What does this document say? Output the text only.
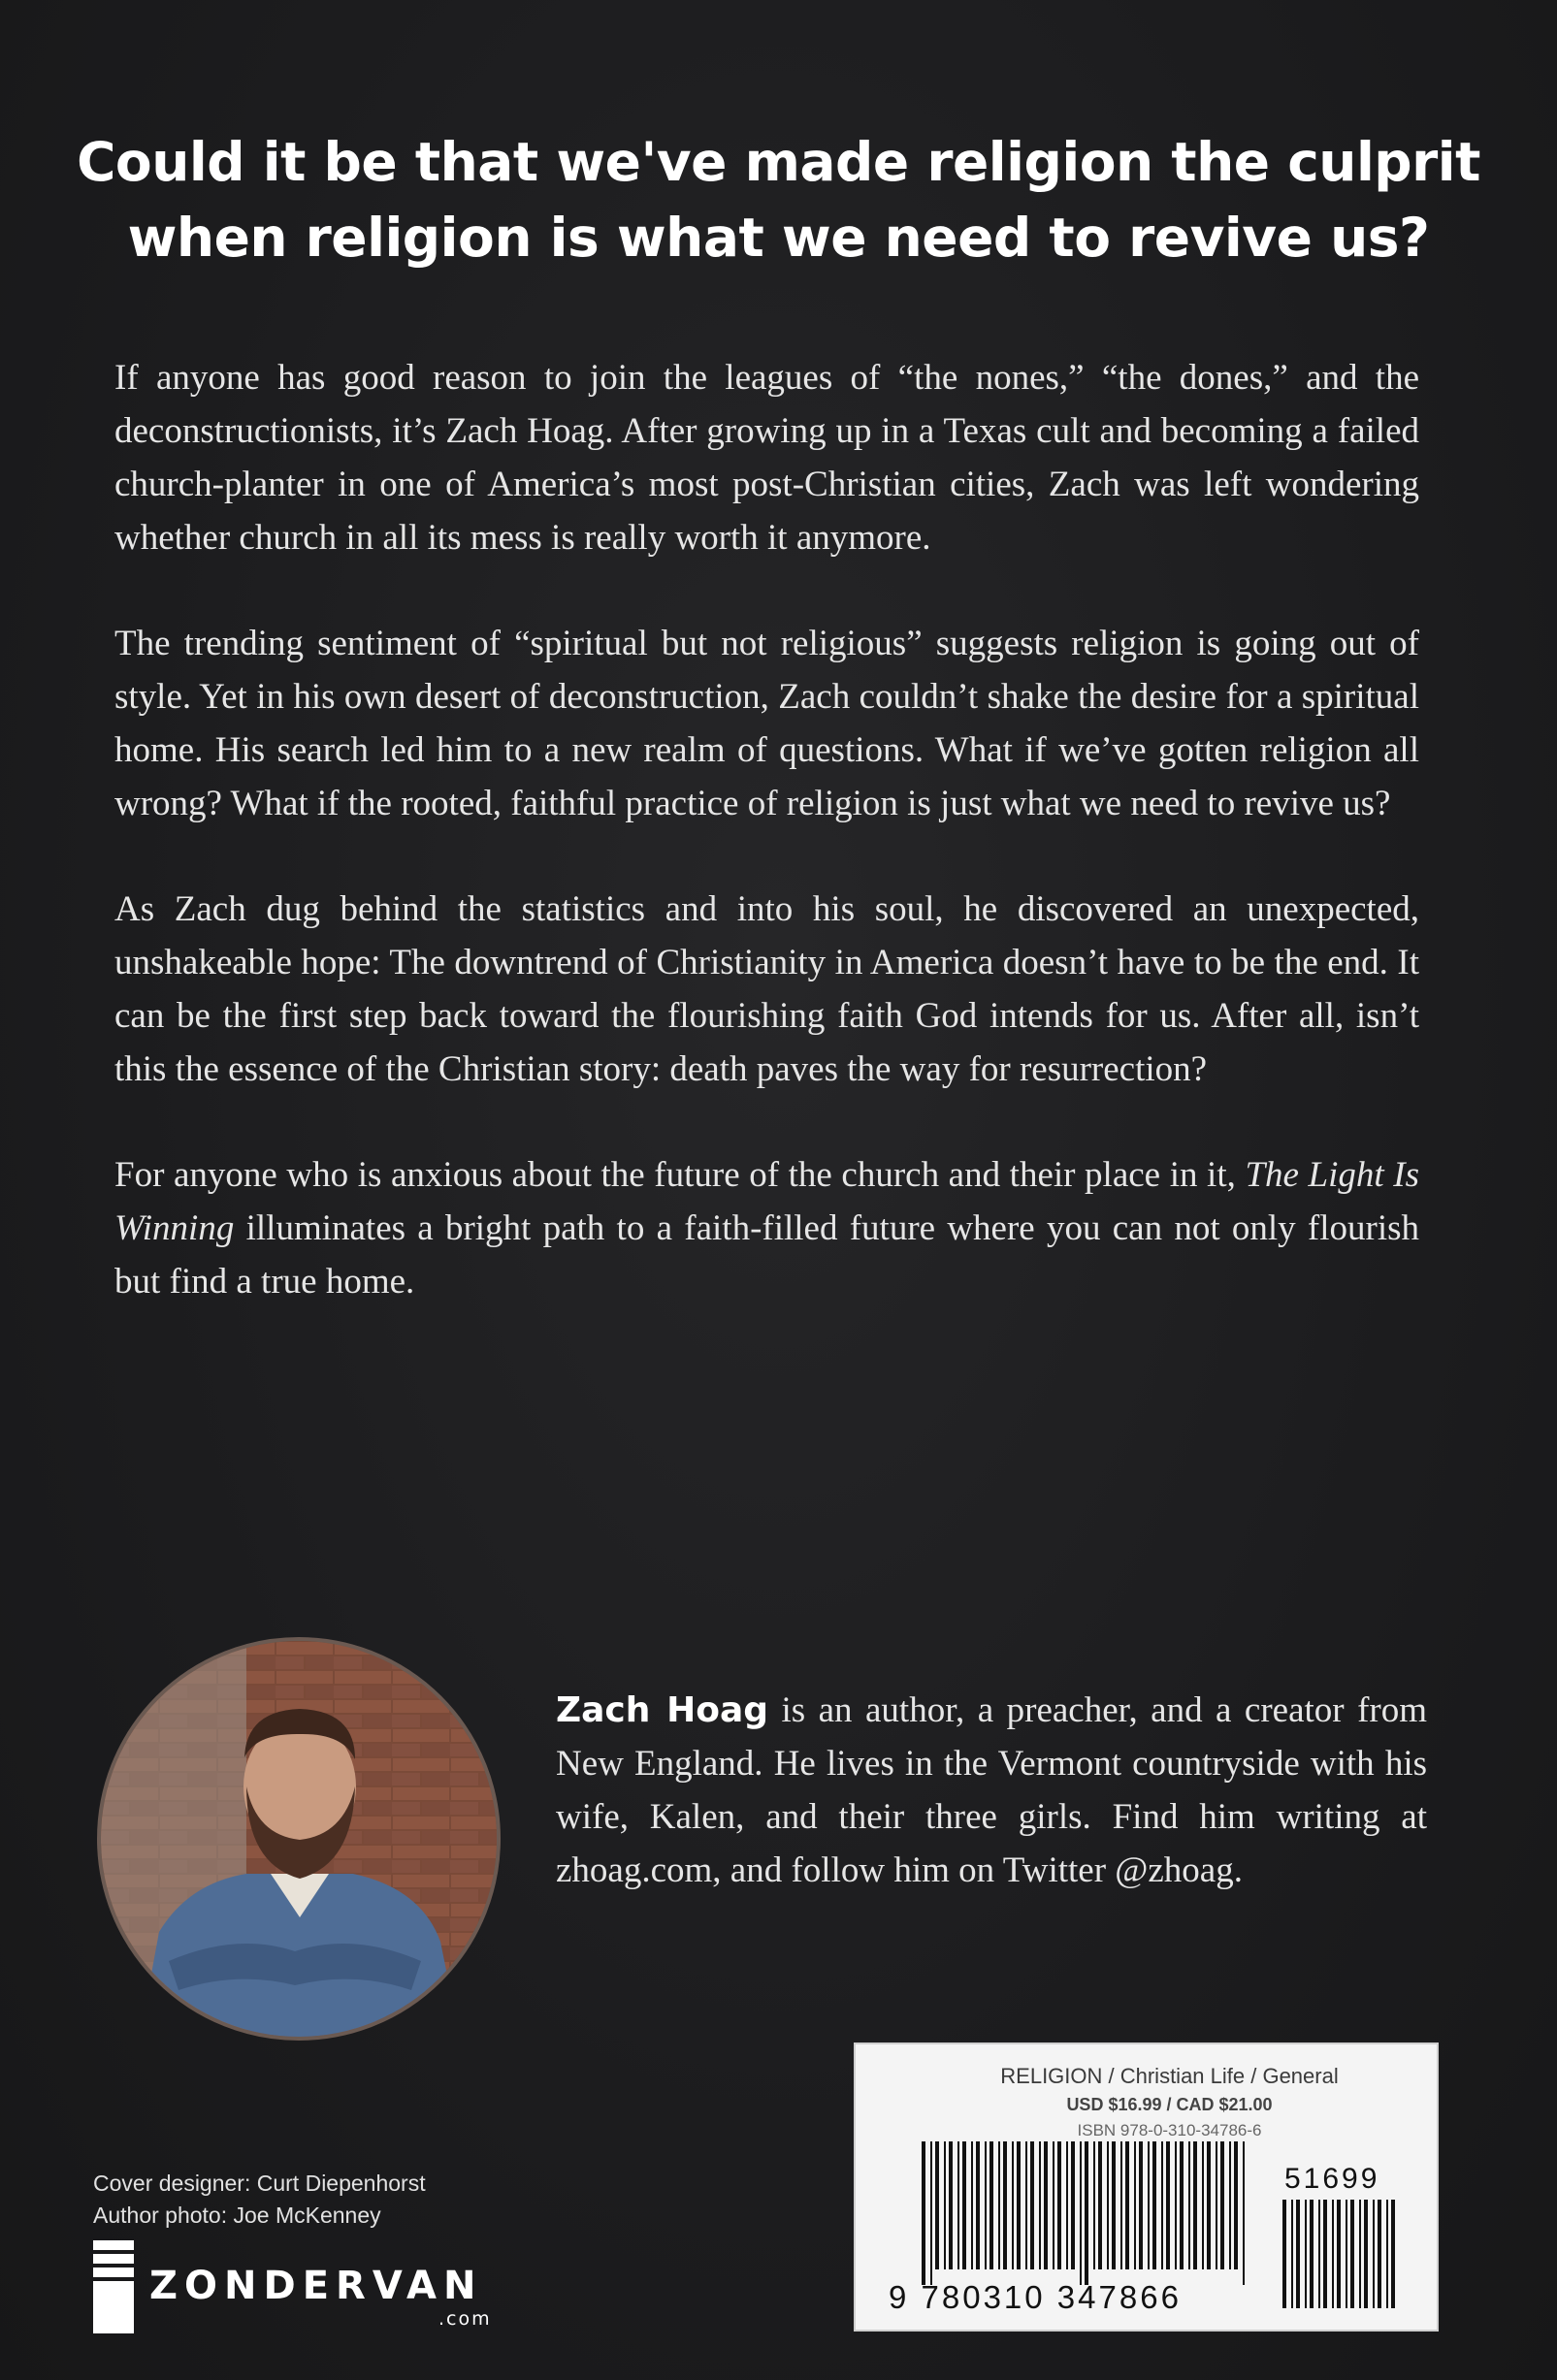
Could it be that we've made religion the culprit
when religion is what we need to revive us?

If anyone has good reason to join the leagues of “the nones,” “the dones,” and the deconstructionists, it’s Zach Hoag. After growing up in a Texas cult and becoming a failed church-planter in one of America’s most post-Christian cities, Zach was left wondering whether church in all its mess is really worth it anymore.

The trending sentiment of “spiritual but not religious” suggests religion is going out of style. Yet in his own desert of deconstruction, Zach couldn’t shake the desire for a spiritual home. His search led him to a new realm of questions. What if we’ve gotten religion all wrong? What if the rooted, faithful practice of religion is just what we need to revive us?

As Zach dug behind the statistics and into his soul, he discovered an unexpected, unshakeable hope: The downtrend of Christianity in America doesn’t have to be the end. It can be the first step back toward the flourishing faith God intends for us. After all, isn’t this the essence of the Christian story: death paves the way for resurrection?

For anyone who is anxious about the future of the church and their place in it, The Light Is Winning illuminates a bright path to a faith-filled future where you can not only flourish but find a true home.

Zach Hoag is an author, a preacher, and a creator from New England. He lives in the Vermont countryside with his wife, Kalen, and their three girls. Find him writing at zhoag.com, and follow him on Twitter @zhoag.
Cover designer: Curt Diepenhorst
Author photo: Joe McKenney
ZONDERVAN
.com
RELIGION / Christian Life / General
USD $16.99 / CAD $21.00
ISBN 978-0-310-34786-6
9 780310 347866
51699
